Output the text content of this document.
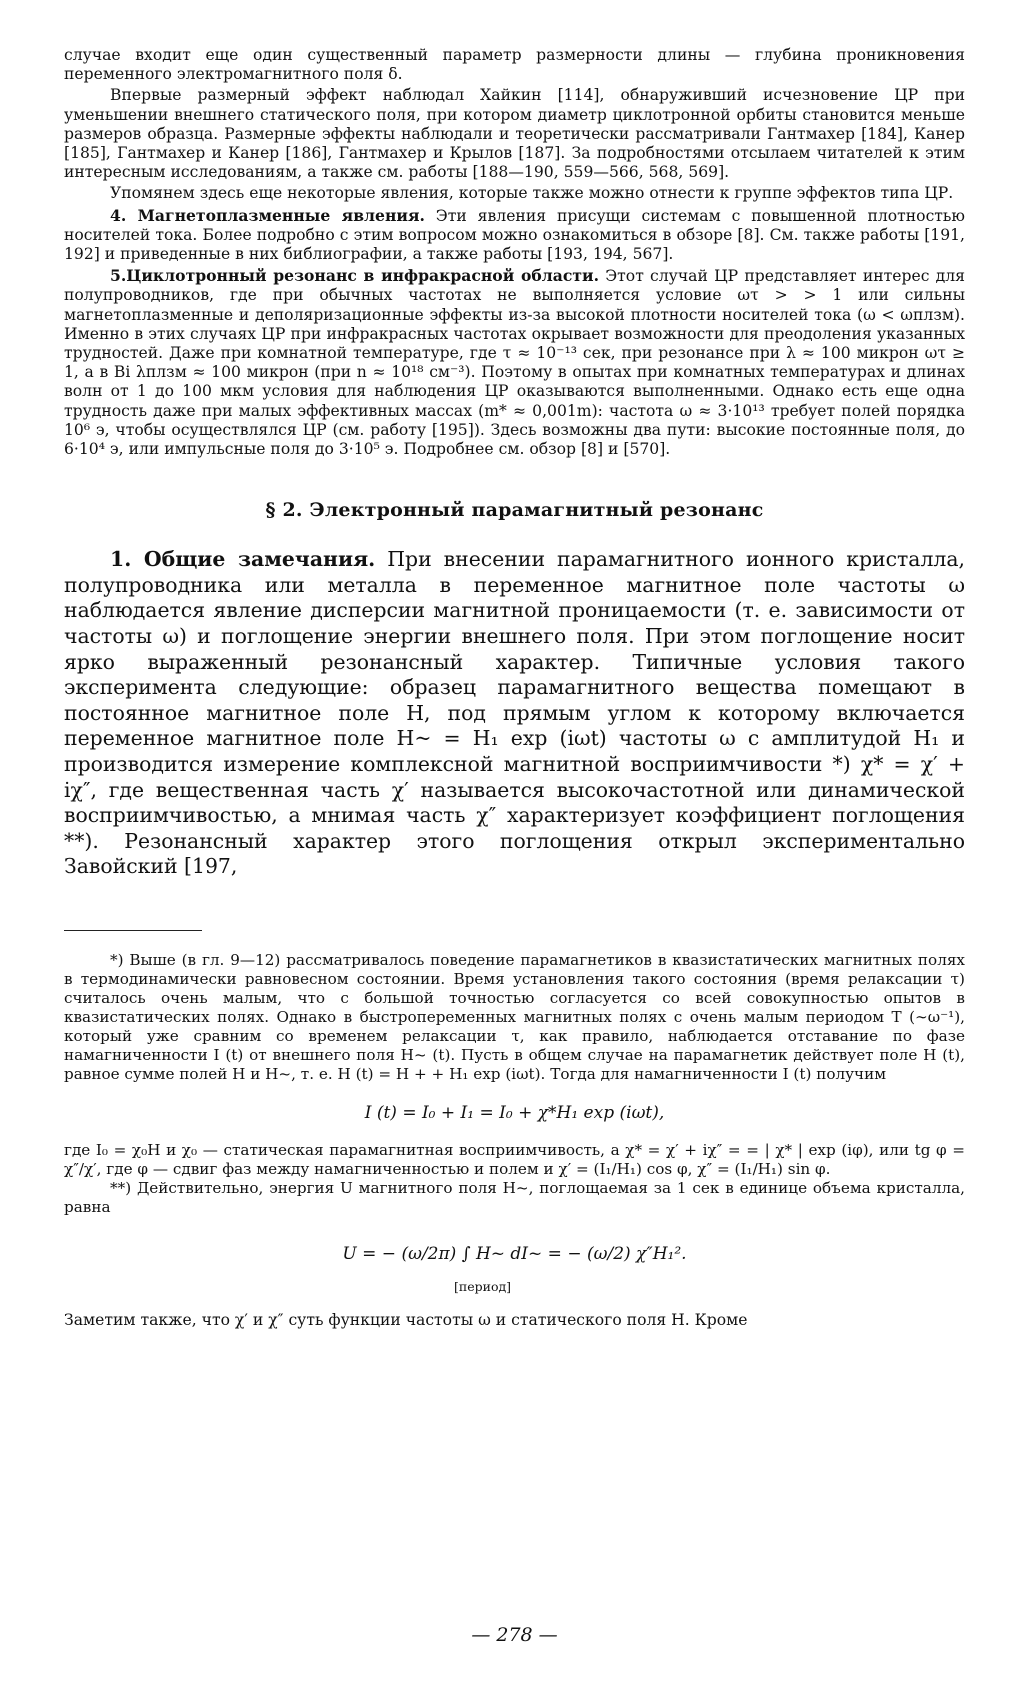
случае входит еще один существенный параметр размерности длины — глубина проникновения переменного электромагнитного поля δ.

Впервые размерный эффект наблюдал Хайкин [114], обнаруживший исчезновение ЦР при уменьшении внешнего статического поля, при котором диаметр циклотронной орбиты становится меньше размеров образца. Размерные эффекты наблюдали и теоретически рассматривали Гантмахер [184], Канер [185], Гантмахер и Канер [186], Гантмахер и Крылов [187]. За подробностями отсылаем читателей к этим интересным исследованиям, а также см. работы [188—190, 559—566, 568, 569].

Упомянем здесь еще некоторые явления, которые также можно отнести к группе эффектов типа ЦР.

4. Магнетоплазменные явления. Эти явления присущи системам с повышенной плотностью носителей тока. Более подробно с этим вопросом можно ознакомиться в обзоре [8]. См. также работы [191, 192] и приведенные в них библиографии, а также работы [193, 194, 567].

5.Циклотронный резонанс в инфракрасной области. Этот случай ЦР представляет интерес для полупроводников, где при обычных частотах не выполняется условие ωτ > > 1 или сильны магнетоплазменные и деполяризационные эффекты из-за высокой плотности носителей тока (ω < ωплзм). Именно в этих случаях ЦР при инфракрасных частотах окрывает возможности для преодоления указанных трудностей. Даже при комнатной температуре, где τ ≈ 10⁻¹³ сек, при резонансе при λ ≈ 100 микрон ωτ ≥ 1, а в Bi λплзм ≈ 100 микрон (при n ≈ 10¹⁸ см⁻³). Поэтому в опытах при комнатных температурах и длинах волн от 1 до 100 мкм условия для наблюдения ЦР оказываются выполненными. Однако есть еще одна трудность даже при малых эффективных массах (m* ≈ 0,001m): частота ω ≈ 3·10¹³ требует полей порядка 10⁶ э, чтобы осуществлялся ЦР (см. работу [195]). Здесь возможны два пути: высокие постоянные поля, до 6·10⁴ э, или импульсные поля до 3·10⁵ э. Подробнее см. обзор [8] и [570].

§ 2. Электронный парамагнитный резонанс

1. Общие замечания. При внесении парамагнитного ионного кристалла, полупроводника или металла в переменное магнитное поле частоты ω наблюдается явление дисперсии магнитной проницаемости (т. е. зависимости от частоты ω) и поглощение энергии внешнего поля. При этом поглощение носит ярко выраженный резонансный характер. Типичные условия такого эксперимента следующие: образец парамагнитного вещества помещают в постоянное магнитное поле H, под прямым углом к которому включается переменное магнитное поле H~ = H₁ exp (iωt) частоты ω с амплитудой H₁ и производится измерение комплексной магнитной восприимчивости *) χ* = χ′ + iχ″, где вещественная часть χ′ называется высокочастотной или динамической восприимчивостью, а мнимая часть χ″ характеризует коэффициент поглощения **). Резонансный характер этого поглощения открыл экспериментально Завойский [197,

*) Выше (в гл. 9—12) рассматривалось поведение парамагнетиков в квазистатических магнитных полях в термодинамически равновесном состоянии. Время установления такого состояния (время релаксации τ) считалось очень малым, что с большой точностью согласуется со всей совокупностью опытов в квазистатических полях. Однако в быстропеременных магнитных полях с очень малым периодом T (∼ω⁻¹), который уже сравним со временем релаксации τ, как правило, наблюдается отставание по фазе намагниченности I (t) от внешнего поля H~ (t). Пусть в общем случае на парамагнетик действует поле H (t), равное сумме полей H и H~, т. е. H (t) = H + + H₁ exp (iωt). Тогда для намагниченности I (t) получим

I (t) = I₀ + I₁ = I₀ + χ*H₁ exp (iωt),

где I₀ = χ₀H и χ₀ — статическая парамагнитная восприимчивость, а χ* = χ′ + iχ″ = = | χ* | exp (iφ), или tg φ = χ″/χ′, где φ — сдвиг фаз между намагниченностью и полем и χ′ = (I₁/H₁) cos φ, χ″ = (I₁/H₁) sin φ.

**) Действительно, энергия U магнитного поля H~, поглощаемая за 1 сек в единице объема кристалла, равна

U = − (ω/2π) ∫ H~ dI~ = − (ω/2) χ″H₁².
[период]
Заметим также, что χ′ и χ″ суть функции частоты ω и статического поля H. Кроме
— 278 —
